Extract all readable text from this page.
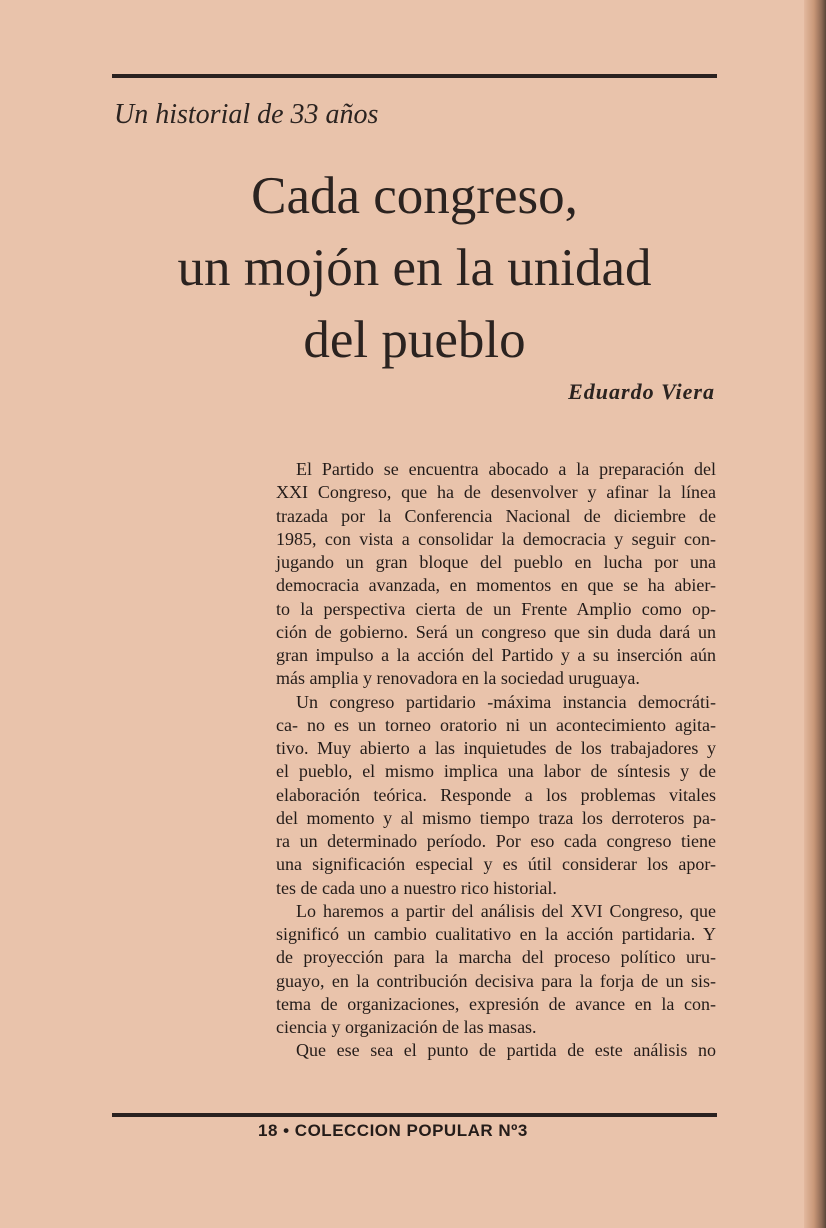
Un historial de 33 años
Cada congreso,
un mojón en la unidad
del pueblo
Eduardo Viera

El Partido se encuentra abocado a la preparación del
XXI Congreso, que ha de desenvolver y afinar la línea
trazada por la Conferencia Nacional de diciembre de
1985, con vista a consolidar la democracia y seguir con-
jugando un gran bloque del pueblo en lucha por una
democracia avanzada, en momentos en que se ha abier-
to la perspectiva cierta de un Frente Amplio como op-
ción de gobierno. Será un congreso que sin duda dará un
gran impulso a la acción del Partido y a su inserción aún
más amplia y renovadora en la sociedad uruguaya.

Un congreso partidario -máxima instancia democráti-
ca- no es un torneo oratorio ni un acontecimiento agita-
tivo. Muy abierto a las inquietudes de los trabajadores y
el pueblo, el mismo implica una labor de síntesis y de
elaboración teórica. Responde a los problemas vitales
del momento y al mismo tiempo traza los derroteros pa-
ra un determinado período. Por eso cada congreso tiene
una significación especial y es útil considerar los apor-
tes de cada uno a nuestro rico historial.

Lo haremos a partir del análisis del XVI Congreso, que
significó un cambio cualitativo en la acción partidaria. Y
de proyección para la marcha del proceso político uru-
guayo, en la contribución decisiva para la forja de un sis-
tema de organizaciones, expresión de avance en la con-
ciencia y organización de las masas.

Que ese sea el punto de partida de este análisis no

18 • COLECCION POPULAR Nº3
